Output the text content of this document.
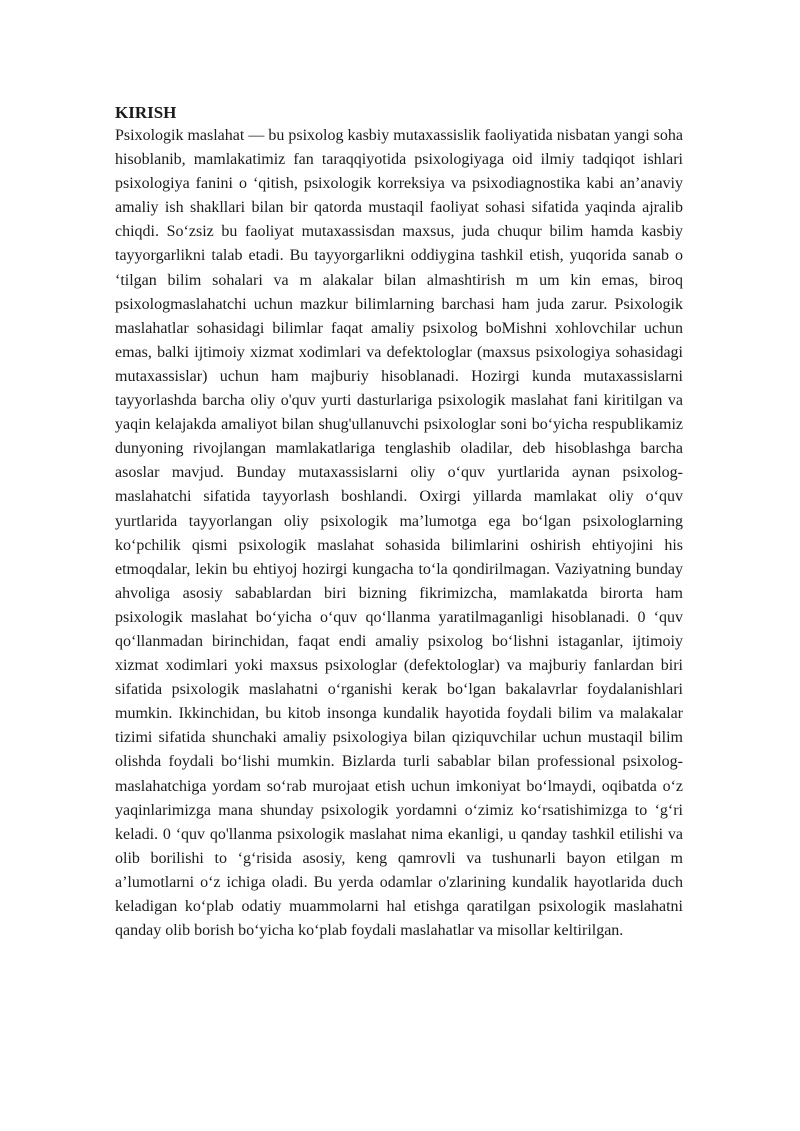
KIRISH

Psixologik maslahat — bu psixolog kasbiy mutaxassislik faoliyatida nisbatan yangi soha hisoblanib, mamlakatimiz fan taraqqiyotida psixologiyaga oid ilmiy tadqiqot ishlari psixologiya fanini o ‘qitish, psixologik korreksiya va psixodiagnostika kabi an’anaviy amaliy ish shakllari bilan bir qatorda mustaqil faoliyat sohasi sifatida yaqinda ajralib chiqdi. So‘zsiz bu faoliyat mutaxassisdan maxsus, juda chuqur bilim hamda kasbiy tayyorgarlikni talab etadi. Bu tayyorgarlikni oddiygina tashkil etish, yuqorida sanab o ‘tilgan bilim sohalari va m alakalar bilan almashtirish m um kin emas, biroq psixologmaslahatchi uchun mazkur bilimlarning barchasi ham juda zarur. Psixologik maslahatlar sohasidagi bilimlar faqat amaliy psixolog boMishni xohlovchilar uchun emas, balki ijtimoiy xizmat xodimlari va defektologlar (maxsus psixologiya sohasidagi mutaxassislar) uchun ham majburiy hisoblanadi. Hozirgi kunda mutaxassislarni tayyorlashda barcha oliy o'quv yurti dasturlariga psixologik maslahat fani kiritilgan va yaqin kelajakda amaliyot bilan shug'ullanuvchi psixologlar soni bo‘yicha respublikamiz dunyoning rivojlangan mamlakatlariga tenglashib oladilar, deb hisoblashga barcha asoslar mavjud. Bunday mutaxassislarni oliy o‘quv yurtlarida aynan psixolog-maslahatchi sifatida tayyorlash boshlandi. Oxirgi yillarda mamlakat oliy o‘quv yurtlarida tayyorlangan oliy psixologik ma’lumotga ega bo‘lgan psixologlarning ko‘pchilik qismi psixologik maslahat sohasida bilimlarini oshirish ehtiyojini his etmoqdalar, lekin bu ehtiyoj hozirgi kungacha to‘la qondirilmagan. Vaziyatning bunday ahvoliga asosiy sabablardan biri bizning fikrimizcha, mamlakatda birorta ham psixologik maslahat bo‘yicha o‘quv qo‘llanma yaratilmaganligi hisoblanadi. 0 ‘quv qo‘llanmadan birinchidan, faqat endi amaliy psixolog bo‘lishni istaganlar, ijtimoiy xizmat xodimlari yoki maxsus psixologlar (defektologlar) va majburiy fanlardan biri sifatida psixologik maslahatni o‘rganishi kerak bo‘lgan bakalavrlar foydalanishlari mumkin. Ikkinchidan, bu kitob insonga kundalik hayotida foydali bilim va malakalar tizimi sifatida shunchaki amaliy psixologiya bilan qiziquvchilar uchun mustaqil bilim olishda foydali bo‘lishi mumkin. Bizlarda turli sabablar bilan professional psixolog-maslahatchiga yordam so‘rab murojaat etish uchun imkoniyat bo‘lmaydi, oqibatda o‘z yaqinlarimizga mana shunday psixologik yordamni o‘zimiz ko‘rsatishimizga to ‘g‘ri keladi. 0 ‘quv qo'llanma psixologik maslahat nima ekanligi, u qanday tashkil etilishi va olib borilishi to ‘g‘risida asosiy, keng qamrovli va tushunarli bayon etilgan m a’lumotlarni o‘z ichiga oladi. Bu yerda odamlar o'zlarining kundalik hayotlarida duch keladigan ko‘plab odatiy muammolarni hal etishga qaratilgan psixologik maslahatni qanday olib borish bo‘yicha ko‘plab foydali maslahatlar va misollar keltirilgan.
